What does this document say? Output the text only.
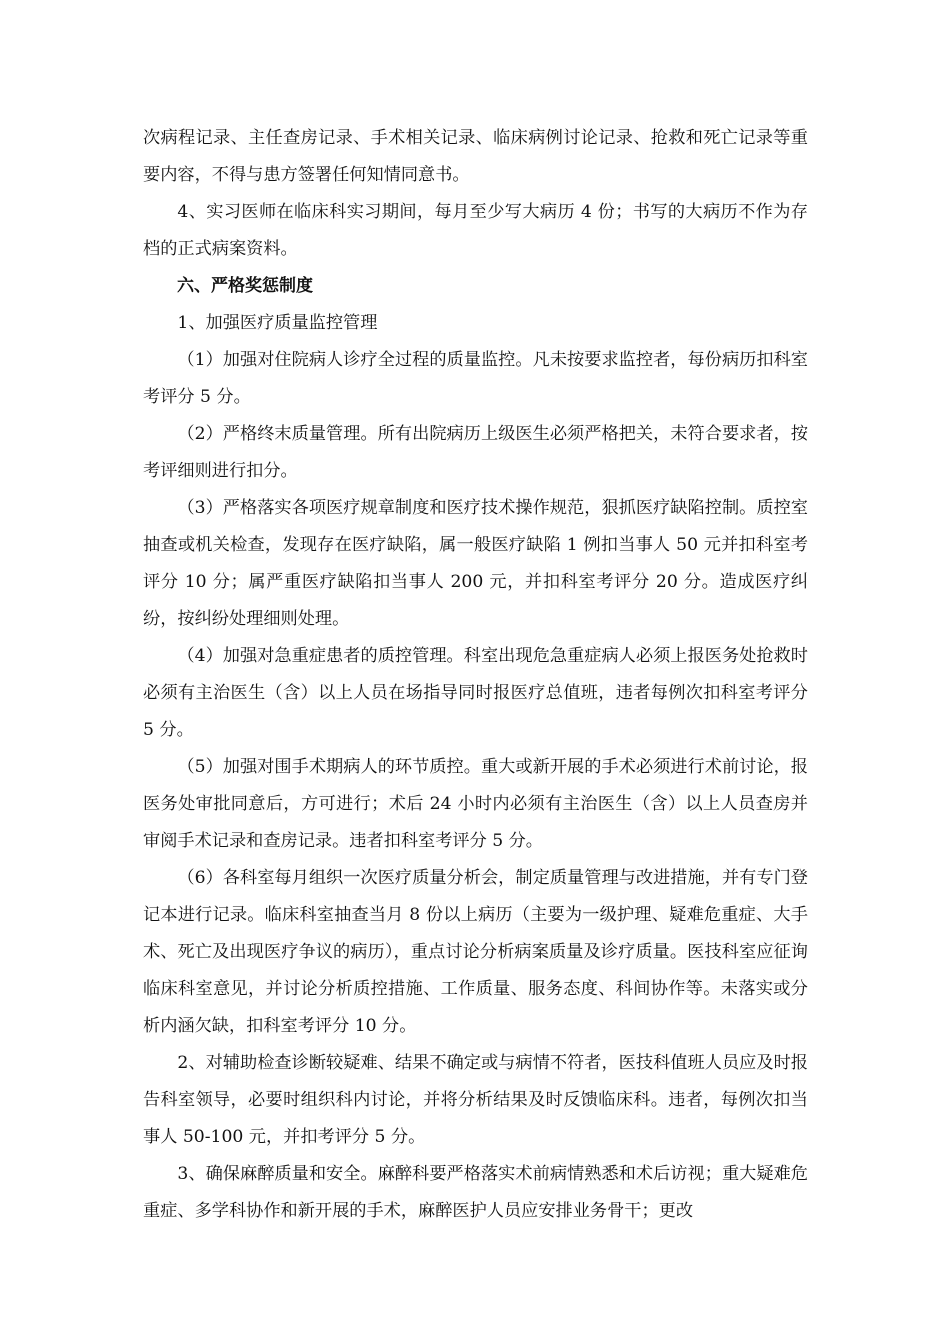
次病程记录、主任查房记录、手术相关记录、临床病例讨论记录、抢救和死亡记录等重要内容，不得与患方签署任何知情同意书。

4、实习医师在临床科实习期间，每月至少写大病历 4 份；书写的大病历不作为存档的正式病案资料。

六、严格奖惩制度

1、加强医疗质量监控管理

（1）加强对住院病人诊疗全过程的质量监控。凡未按要求监控者，每份病历扣科室考评分 5 分。

（2）严格终末质量管理。所有出院病历上级医生必须严格把关，未符合要求者，按考评细则进行扣分。

（3）严格落实各项医疗规章制度和医疗技术操作规范，狠抓医疗缺陷控制。质控室抽查或机关检查，发现存在医疗缺陷，属一般医疗缺陷 1 例扣当事人 50 元并扣科室考评分 10 分；属严重医疗缺陷扣当事人 200 元，并扣科室考评分 20 分。造成医疗纠纷，按纠纷处理细则处理。

（4）加强对急重症患者的质控管理。科室出现危急重症病人必须上报医务处抢救时必须有主治医生（含）以上人员在场指导同时报医疗总值班，违者每例次扣科室考评分 5 分。

（5）加强对围手术期病人的环节质控。重大或新开展的手术必须进行术前讨论，报医务处审批同意后，方可进行；术后 24 小时内必须有主治医生（含）以上人员查房并审阅手术记录和查房记录。违者扣科室考评分 5 分。

（6）各科室每月组织一次医疗质量分析会，制定质量管理与改进措施，并有专门登记本进行记录。临床科室抽查当月 8 份以上病历（主要为一级护理、疑难危重症、大手术、死亡及出现医疗争议的病历），重点讨论分析病案质量及诊疗质量。医技科室应征询临床科室意见，并讨论分析质控措施、工作质量、服务态度、科间协作等。未落实或分析内涵欠缺，扣科室考评分 10 分。

2、对辅助检查诊断较疑难、结果不确定或与病情不符者，医技科值班人员应及时报告科室领导，必要时组织科内讨论，并将分析结果及时反馈临床科。违者，每例次扣当事人 50-100 元，并扣考评分 5 分。

3、确保麻醉质量和安全。麻醉科要严格落实术前病情熟悉和术后访视；重大疑难危重症、多学科协作和新开展的手术，麻醉医护人员应安排业务骨干；更改
